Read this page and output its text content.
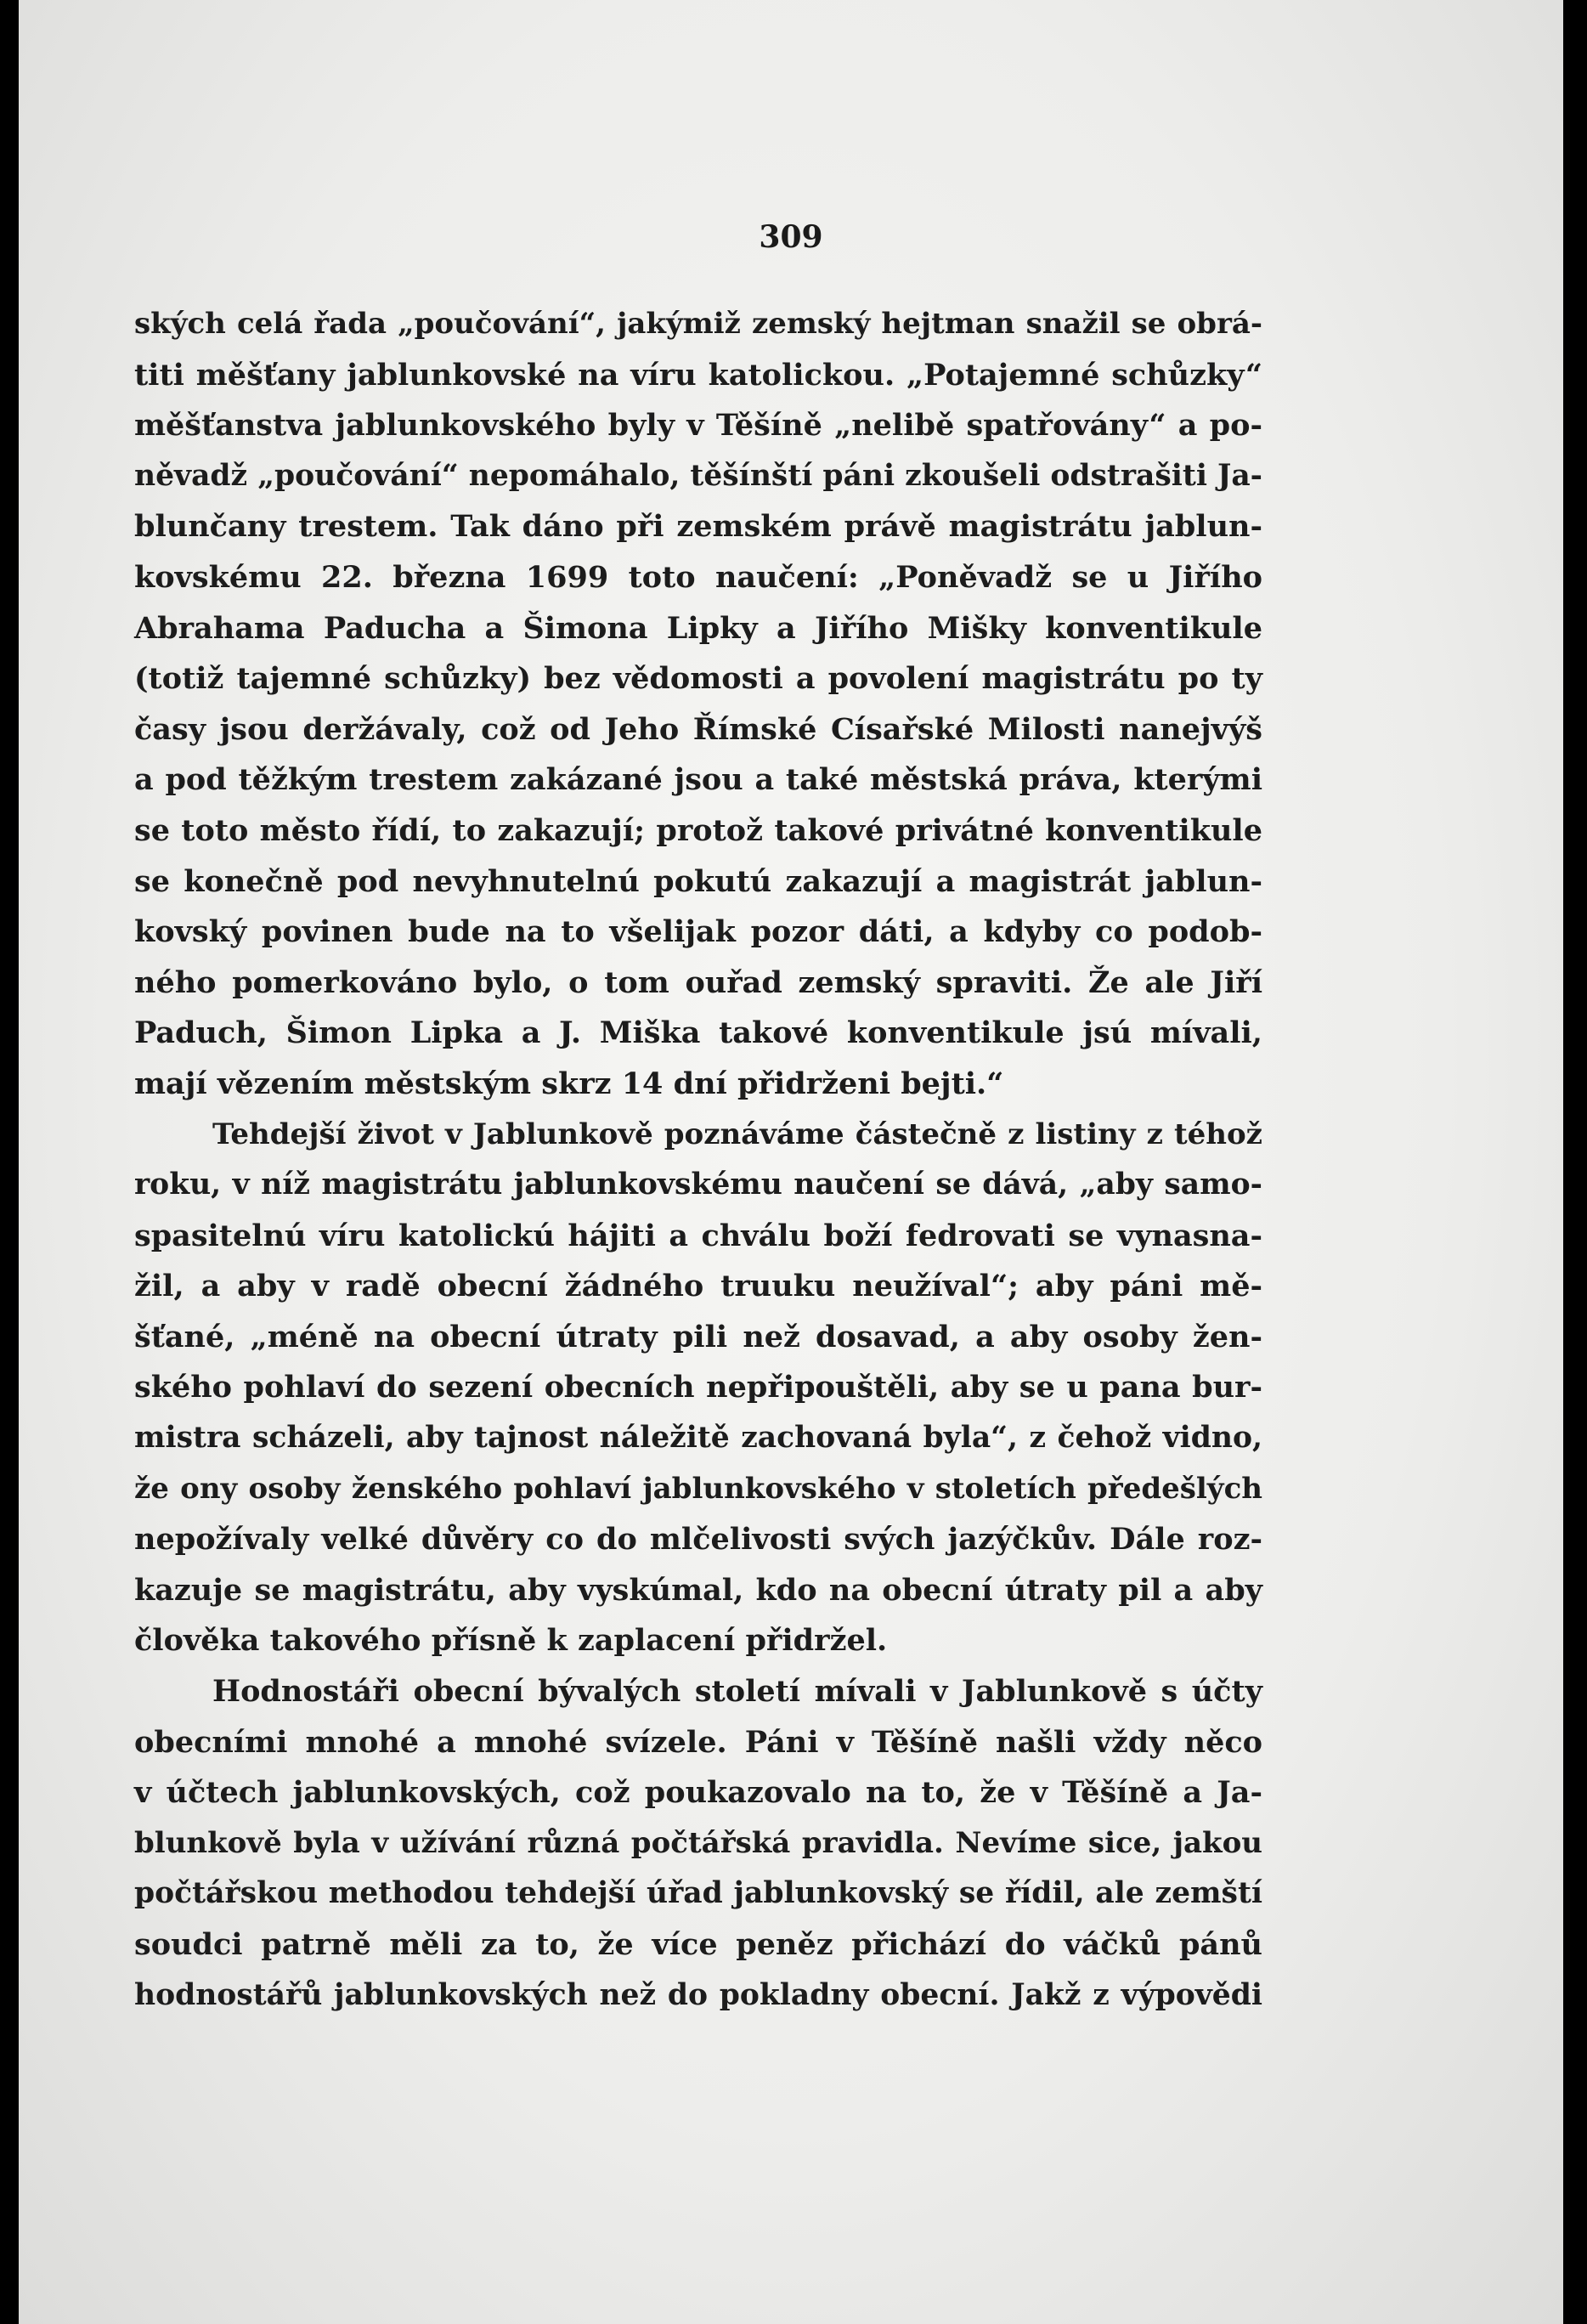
309
ských celá řada „poučování“, jakýmiž zemský hejtman snažil se obrá-
titi měšťany jablunkovské na víru katolickou. „Potajemné schůzky“
měšťanstva jablunkovského byly v Těšíně „nelibě spatřovány“ a po-
něvadž „poučování“ nepomáhalo, těšínští páni zkoušeli odstrašiti Ja-
blunčany trestem. Tak dáno při zemském právě magistrátu jablun-
kovskému 22. března 1699 toto naučení: „Poněvadž se u Jiřího
Abrahama Paducha a Šimona Lipky a Jiřího Mišky konventikule
(totiž tajemné schůzky) bez vědomosti a povolení magistrátu po ty
časy jsou deržávaly, což od Jeho Římské Císařské Milosti nanejvýš
a pod těžkým trestem zakázané jsou a také městská práva, kterými
se toto město řídí, to zakazují; protož takové privátné konventikule
se konečně pod nevyhnutelnú pokutú zakazují a magistrát jablun-
kovský povinen bude na to všelijak pozor dáti, a kdyby co podob-
ného pomerkováno bylo, o tom ouřad zemský spraviti. Že ale Jiří
Paduch, Šimon Lipka a J. Miška takové konventikule jsú mívali,
mají vězením městským skrz 14 dní přidrženi bejti.“
Tehdejší život v Jablunkově poznáváme částečně z listiny z téhož
roku, v níž magistrátu jablunkovskému naučení se dává, „aby samo-
spasitelnú víru katolickú hájiti a chválu boží fedrovati se vynasna-
žil, a aby v radě obecní žádného truuku neužíval“; aby páni mě-
šťané, „méně na obecní útraty pili než dosavad, a aby osoby žen-
ského pohlaví do sezení obecních nepřipouštěli, aby se u pana bur-
mistra scházeli, aby tajnost náležitě zachovaná byla“, z čehož vidno,
že ony osoby ženského pohlaví jablunkovského v stoletích předešlých
nepožívaly velké důvěry co do mlčelivosti svých jazýčkův. Dále roz-
kazuje se magistrátu, aby vyskúmal, kdo na obecní útraty pil a aby
člověka takového přísně k zaplacení přidržel.
Hodnostáři obecní bývalých století mívali v Jablunkově s účty
obecními mnohé a mnohé svízele. Páni v Těšíně našli vždy něco
v účtech jablunkovských, což poukazovalo na to, že v Těšíně a Ja-
blunkově byla v užívání různá počtářská pravidla. Nevíme sice, jakou
počtářskou methodou tehdejší úřad jablunkovský se řídil, ale zemští
soudci patrně měli za to, že více peněz přichází do váčků pánů
hodnostářů jablunkovských než do pokladny obecní. Jakž z výpovědi
